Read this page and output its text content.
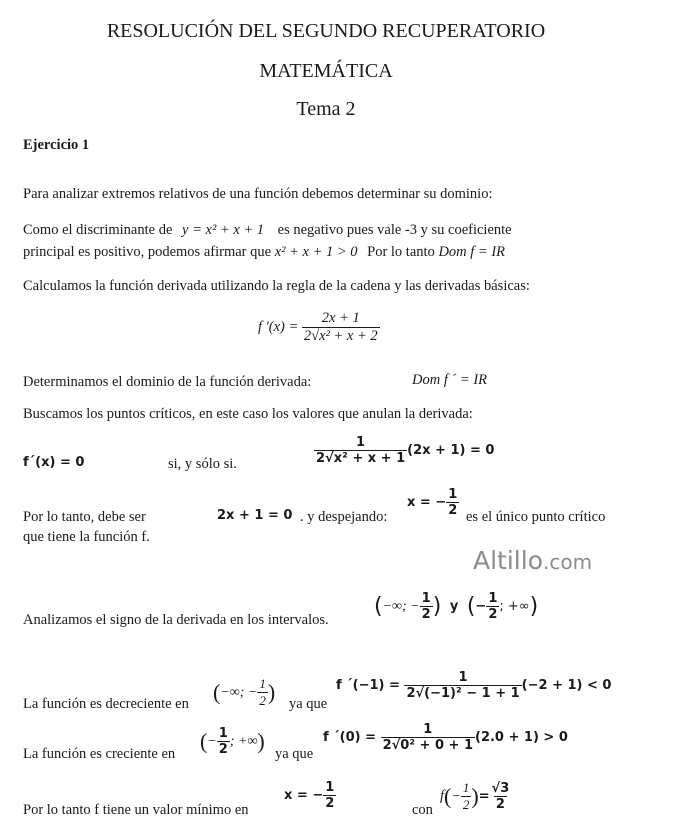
RESOLUCIÓN DEL SEGUNDO RECUPERATORIO
MATEMÁTICA
Tema 2
Ejercicio 1
Para analizar extremos relativos de una función debemos determinar su dominio:
Como el discriminante de y = x² + x + 1 es negativo pues vale -3 y su coeficiente
principal es positivo, podemos afirmar que x² + x + 1 > 0 Por lo tanto Dom f = IR
Calculamos la función derivada utilizando la regla de la cadena y las derivadas básicas:
f '$(x) = \frac{2x + 1}{\text{2√x² + x + 2}}$
Determinamos el dominio de la función derivada:	Dom f ´ = IR
Buscamos los puntos críticos, en este caso los valores que anulan la derivada:
f´(x) = 0	si, y sólo si.	$\frac{1}{\text{2√x² + x + 1}} (2x + 1) = 0$
Por lo tanto, debe ser	2x + 1 = 0 . y despejando:
x = − $\frac{1}{2}$ es el único punto crítico
que tiene la función f.
Altillo.com
Analizamos el signo de la derivada en los intervalos.
(−∞; − $\frac{1}{2}$ ) y (− $\frac{1}{2}$ ; +∞)
La función es decreciente en (−∞; − $\frac{1}{2}$ ) ya que
f ´(−1) = $\frac{1}{\text{2√(−1)² − 1 + 1}} (-2 + 1) < 0$
La función es creciente en
(− $\frac{1}{2}$ ; +∞)
ya que
f ´(0) = $\frac{1}{\text{2√0² + 0 + 1}} (2.0 + 1) > 0$
Por lo tanto f tiene un valor mínimo en
x = − $\frac{1}{2}$	con
$f(- \frac{1}{2}$ )= $\frac{√3}{2}$
